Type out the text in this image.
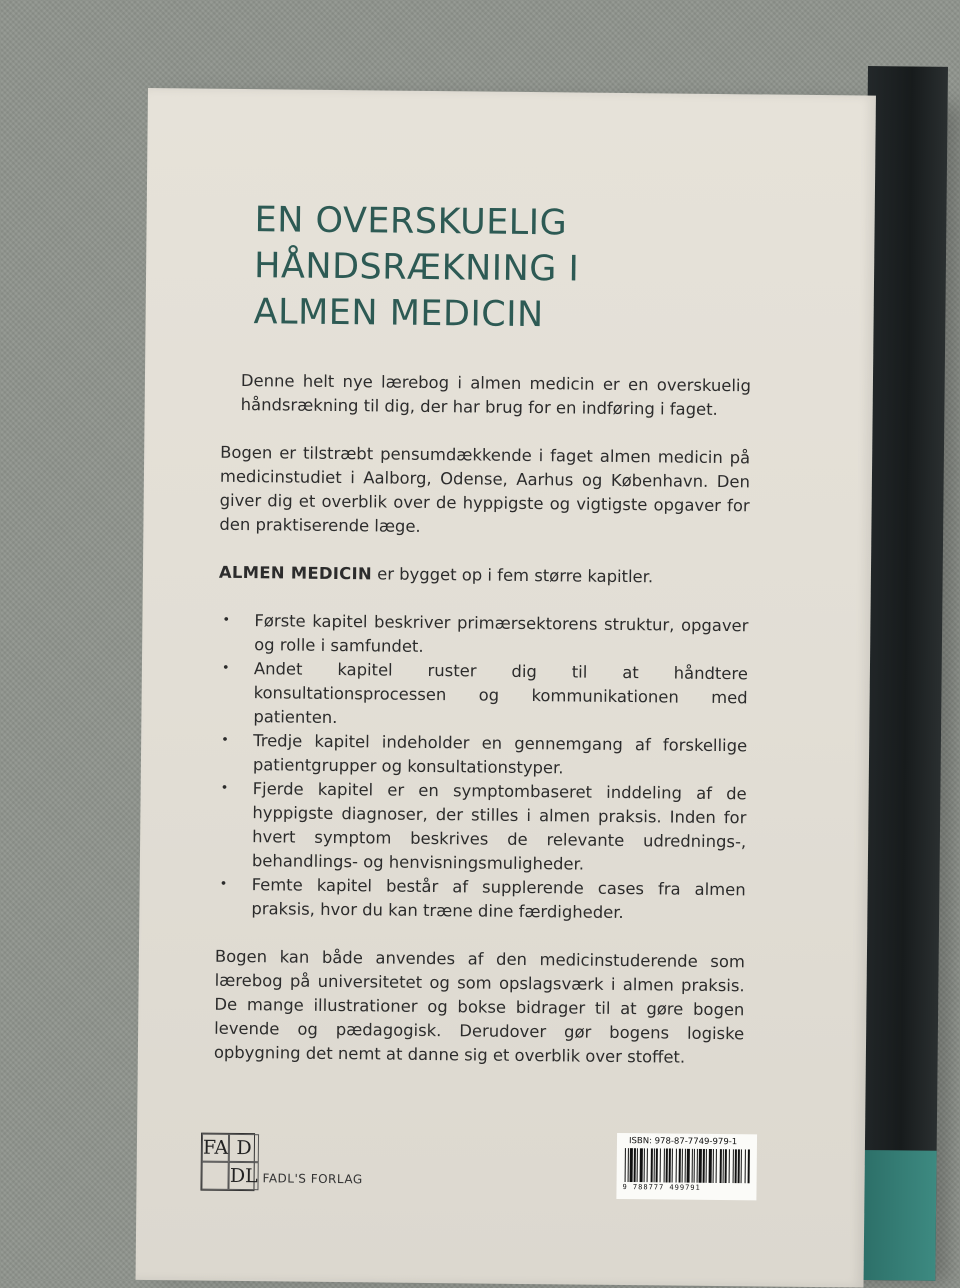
EN OVERSKUELIG
HÅNDSRÆKNING I
ALMEN MEDICIN

Denne helt nye lærebog i almen medicin er en overskuelig håndsrækning til dig, der har brug for en indføring i faget.

Bogen er tilstræbt pensumdækkende i faget almen medicin på medicinstudiet i Aalborg, Odense, Aarhus og København. Den giver dig et overblik over de hyppigste og vigtigste opgaver for den praktiserende læge.

ALMEN MEDICIN er bygget op i fem større kapitler.

• Første kapitel beskriver primærsektorens struktur, opgaver og rolle i samfundet.
• Andet kapitel ruster dig til at håndtere konsultationsprocessen og kommunikationen med patienten.
• Tredje kapitel indeholder en gennemgang af forskellige patientgrupper og konsultationstyper.
• Fjerde kapitel er en symptombaseret inddeling af de hyppigste diagnoser, der stilles i almen praksis. Inden for hvert symptom beskrives de relevante udrednings-, behandlings- og henvisningsmuligheder.
• Femte kapitel består af supplerende cases fra almen praksis, hvor du kan træne dine færdigheder.

Bogen kan både anvendes af den medicinstuderende som lærebog på universitetet og som opslagsværk i almen praksis. De mange illustrationer og bokse bidrager til at gøre bogen levende og pædagogisk. Derudover gør bogens logiske opbygning det nemt at danne sig et overblik over stoffet.

FA D
DL FADL'S FORLAG
ISBN: 978-87-7749-979-1
9 788777 499791
